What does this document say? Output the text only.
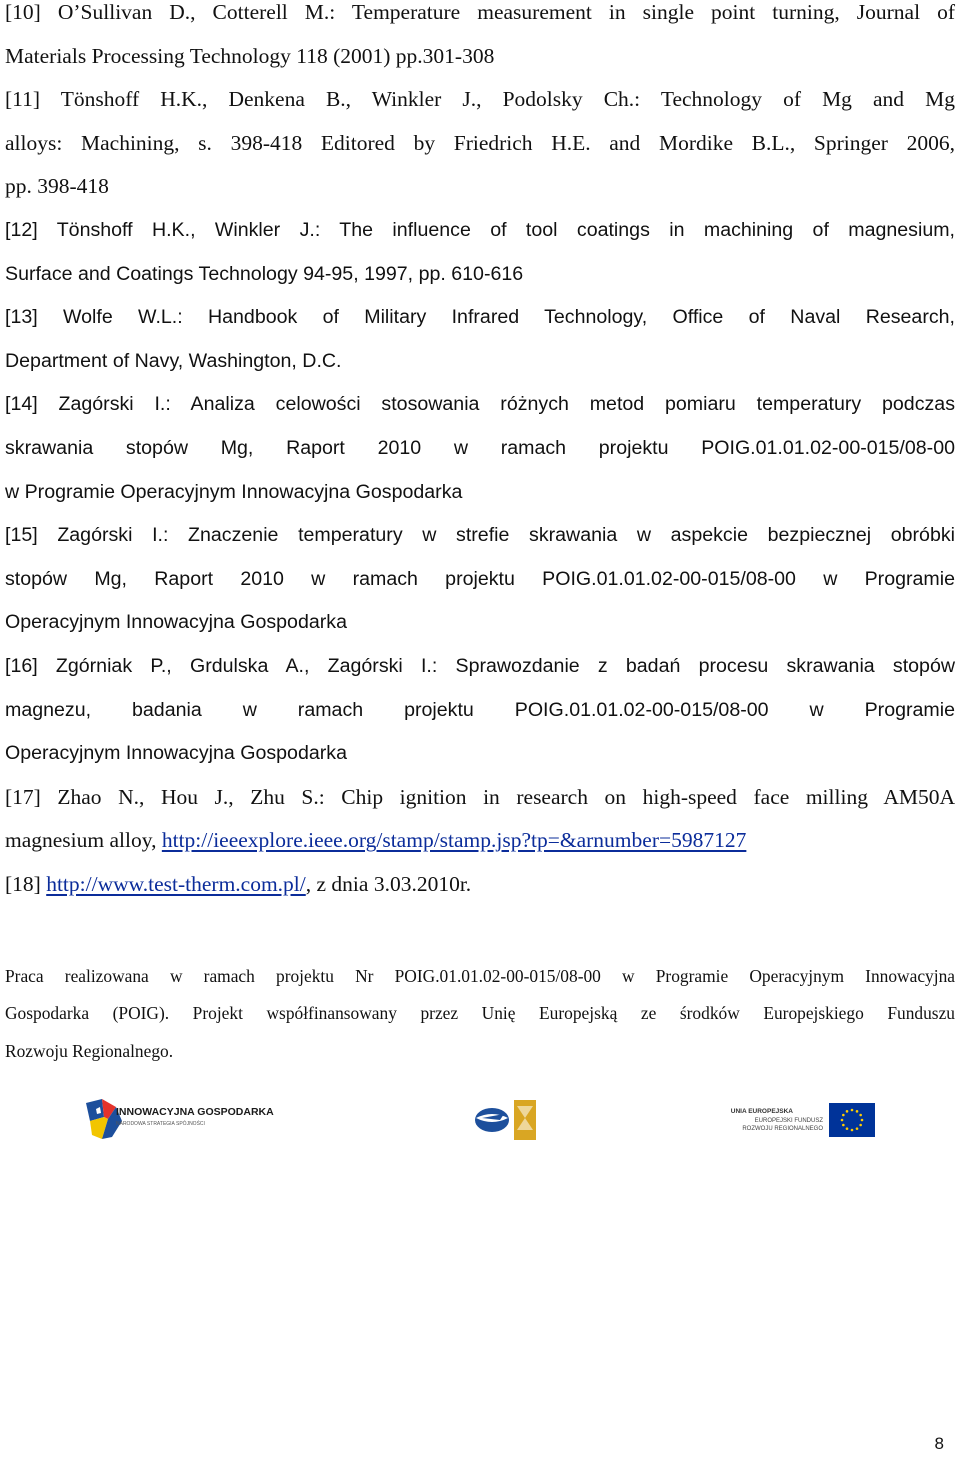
[10] O’Sullivan D., Cotterell M.: Temperature measurement in single point turning, Journal of
Materials Processing Technology 118 (2001) pp.301-308
[11] Tönshoff H.K., Denkena B., Winkler J., Podolsky Ch.: Technology of Mg and Mg
alloys: Machining, s. 398-418 Editored by Friedrich H.E. and Mordike B.L., Springer 2006,
pp. 398-418
[12] Tönshoff H.K., Winkler J.: The influence of tool coatings in machining of magnesium,
Surface and Coatings Technology 94-95, 1997, pp. 610-616
[13] Wolfe W.L.: Handbook of Military Infrared Technology, Office of Naval Research,
Department of Navy, Washington, D.C.
[14] Zagórski I.: Analiza celowości stosowania różnych metod pomiaru temperatury podczas
skrawania stopów Mg, Raport 2010 w ramach projektu POIG.01.01.02-00-015/08-00
w Programie Operacyjnym Innowacyjna Gospodarka
[15] Zagórski I.: Znaczenie temperatury w strefie skrawania w aspekcie bezpiecznej obróbki
stopów Mg, Raport 2010 w ramach projektu POIG.01.01.02-00-015/08-00 w Programie
Operacyjnym Innowacyjna Gospodarka
[16] Zgórniak P., Grdulska A., Zagórski I.: Sprawozdanie z badań procesu skrawania stopów
magnezu, badania w ramach projektu POIG.01.01.02-00-015/08-00 w Programie
Operacyjnym Innowacyjna Gospodarka
[17] Zhao N., Hou J., Zhu S.: Chip ignition in research on high-speed face milling AM50A
magnesium alloy, http://ieeexplore.ieee.org/stamp/stamp.jsp?tp=&arnumber=5987127
[18] http://www.test-therm.com.pl/, z dnia 3.03.2010r.
Praca realizowana w ramach projektu Nr POIG.01.01.02-00-015/08-00 w Programie Operacyjnym Innowacyjna
Gospodarka (POIG). Projekt współfinansowany przez Unię Europejską ze środków Europejskiego Funduszu
Rozwoju Regionalnego.
INNOWACYJNA GOSPODARKA
NARODOWA STRATEGIA SPÓJNOŚCI
UNIA EUROPEJSKA
EUROPEJSKI FUNDUSZ
ROZWOJU REGIONALNEGO
8
